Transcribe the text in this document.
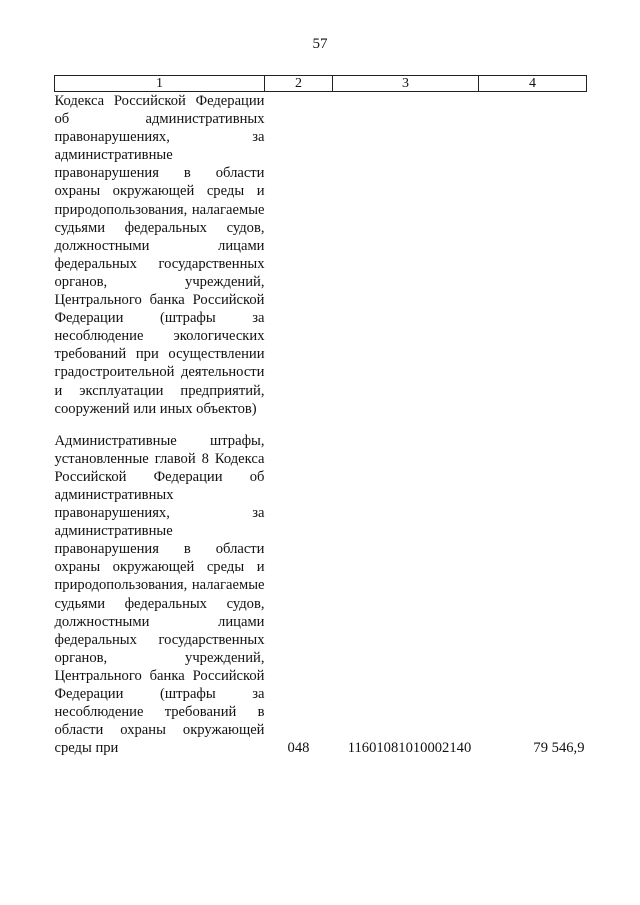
57
1	2	3	4
Кодекса Российской Федерации об административных правонарушениях, за административные правонарушения в области охраны окружающей среды и природопользования, налагаемые судьями федеральных судов, должностными лицами федеральных государственных органов, учреждений, Центрального банка Российской Федерации (штрафы за несоблюдение экологических требований при осуществлении градостроительной деятельности и эксплуатации предприятий, сооружений или иных объектов)			

Административные штрафы, установленные главой 8 Кодекса Российской Федерации об административных правонарушениях, за административные правонарушения в области охраны окружающей среды и природопользования, налагаемые судьями федеральных судов, должностными лицами федеральных государственных органов, учреждений, Центрального банка Российской Федерации (штрафы за несоблюдение требований в области охраны окружающей среды при	048	11601081010002140	79 546,9
